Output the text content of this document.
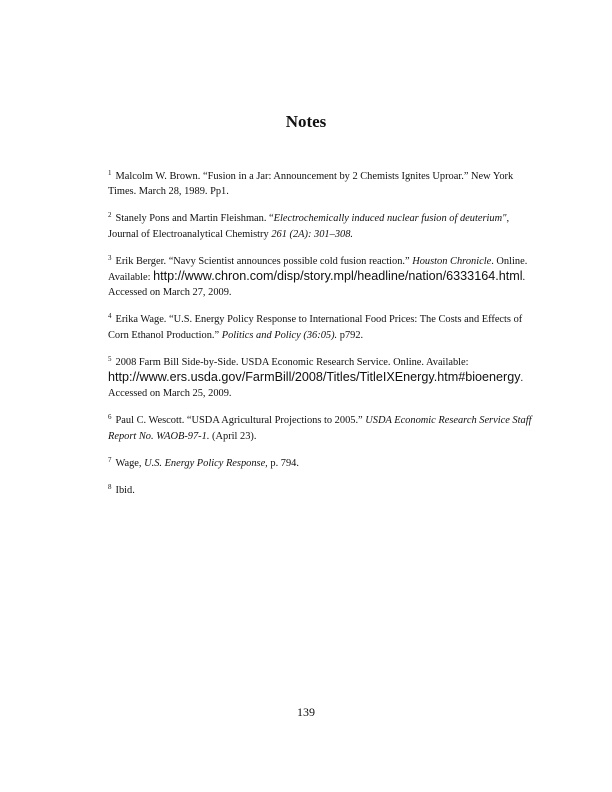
Notes
$^1$ Malcolm W. Brown. “Fusion in a Jar: Announcement by 2 Chemists Ignites Uproar.” New York Times. March 28, 1989. Pp1.
$^2$ Stanely Pons and Martin Fleishman. “Electrochemically induced nuclear fusion of deuterium", Journal of Electroanalytical Chemistry 261 (2A): 301–308.
$^3$ Erik Berger. “Navy Scientist announces possible cold fusion reaction.” Houston Chronicle. Online. Available: http://www.chron.com/disp/story.mpl/headline/nation/6333164.html. Accessed on March 27, 2009.
$^4$ Erika Wage. “U.S. Energy Policy Response to International Food Prices: The Costs and Effects of Corn Ethanol Production.” Politics and Policy (36:05). p792.
$^5$ 2008 Farm Bill Side-by-Side. USDA Economic Research Service. Online. Available: http://www.ers.usda.gov/FarmBill/2008/Titles/TitleIXEnergy.htm#bioenergy. Accessed on March 25, 2009.
$^6$ Paul C. Wescott. “USDA Agricultural Projections to 2005.” USDA Economic Research Service Staff Report No. WAOB-97-1. (April 23).
$^7$ Wage, U.S. Energy Policy Response, p. 794.
$^8$ Ibid.
139
